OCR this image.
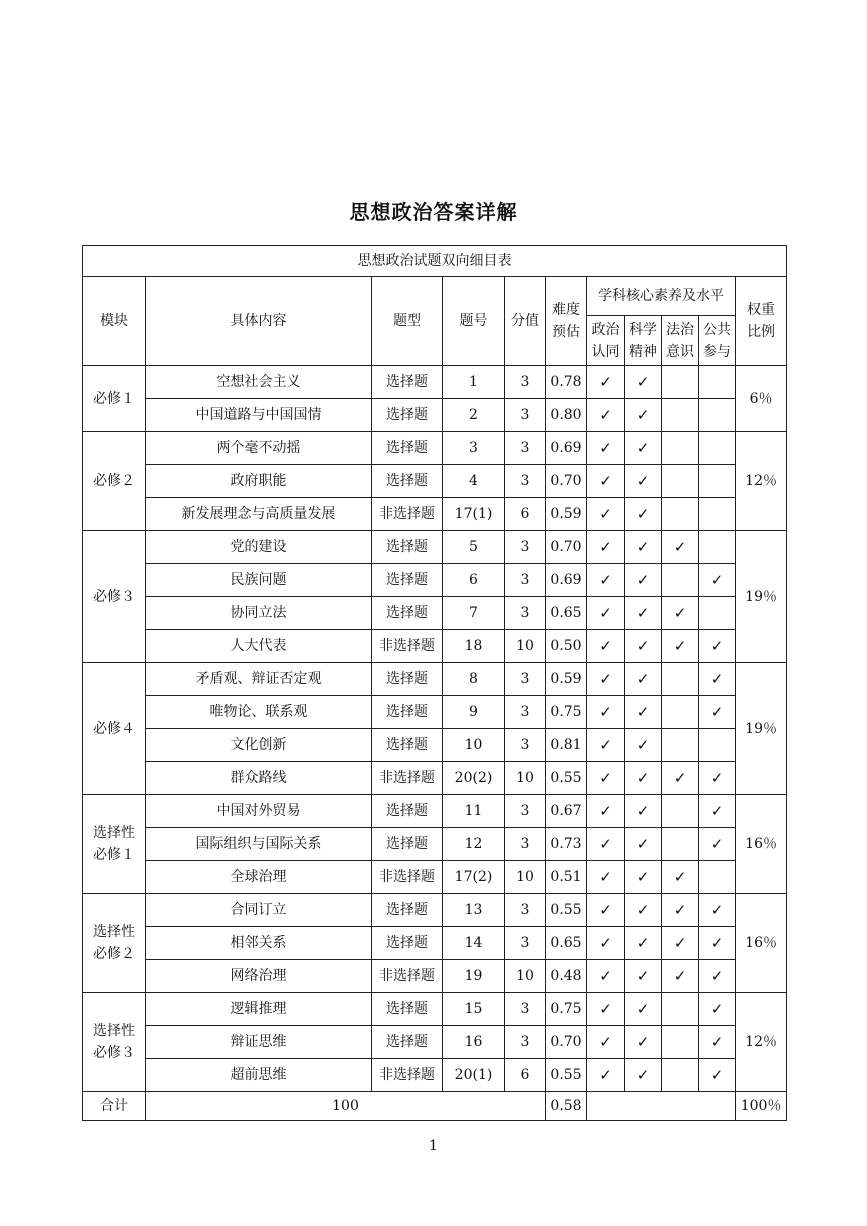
思想政治答案详解
思想政治试题双向细目表										
模块	具体内容	题型	题号	分值	难度预估	学科核心素养及水平				权重比例
						政治认同	科学精神	法治意识	公共参与	
必修１	空想社会主义	选择题	1	3	0.78	✓	✓			6％
	中国道路与中国国情	选择题	2	3	0.80	✓	✓			
必修２	两个毫不动摇	选择题	3	3	0.69	✓	✓			12％
	政府职能	选择题	4	3	0.70	✓	✓			
	新发展理念与高质量发展	非选择题	17(1)	6	0.59	✓	✓			
必修３	党的建设	选择题	5	3	0.70	✓	✓	✓		19％
	民族问题	选择题	6	3	0.69	✓	✓		✓	
	协同立法	选择题	7	3	0.65	✓	✓	✓		
	人大代表	非选择题	18	10	0.50	✓	✓	✓	✓	
必修４	矛盾观、辩证否定观	选择题	8	3	0.59	✓	✓		✓	19％
	唯物论、联系观	选择题	9	3	0.75	✓	✓		✓	
	文化创新	选择题	10	3	0.81	✓	✓			
	群众路线	非选择题	20(2)	10	0.55	✓	✓	✓	✓	
选择性必修１	中国对外贸易	选择题	11	3	0.67	✓	✓		✓	16％
	国际组织与国际关系	选择题	12	3	0.73	✓	✓		✓	
	全球治理	非选择题	17(2)	10	0.51	✓	✓	✓		
选择性必修２	合同订立	选择题	13	3	0.55	✓	✓	✓	✓	16％
	相邻关系	选择题	14	3	0.65	✓	✓	✓	✓	
	网络治理	非选择题	19	10	0.48	✓	✓	✓	✓	
选择性必修３	逻辑推理	选择题	15	3	0.75	✓	✓		✓	12％
	辩证思维	选择题	16	3	0.70	✓	✓		✓	
	超前思维	非选择题	20(1)	6	0.55	✓	✓		✓	
合计	100				0.58					100％
1
